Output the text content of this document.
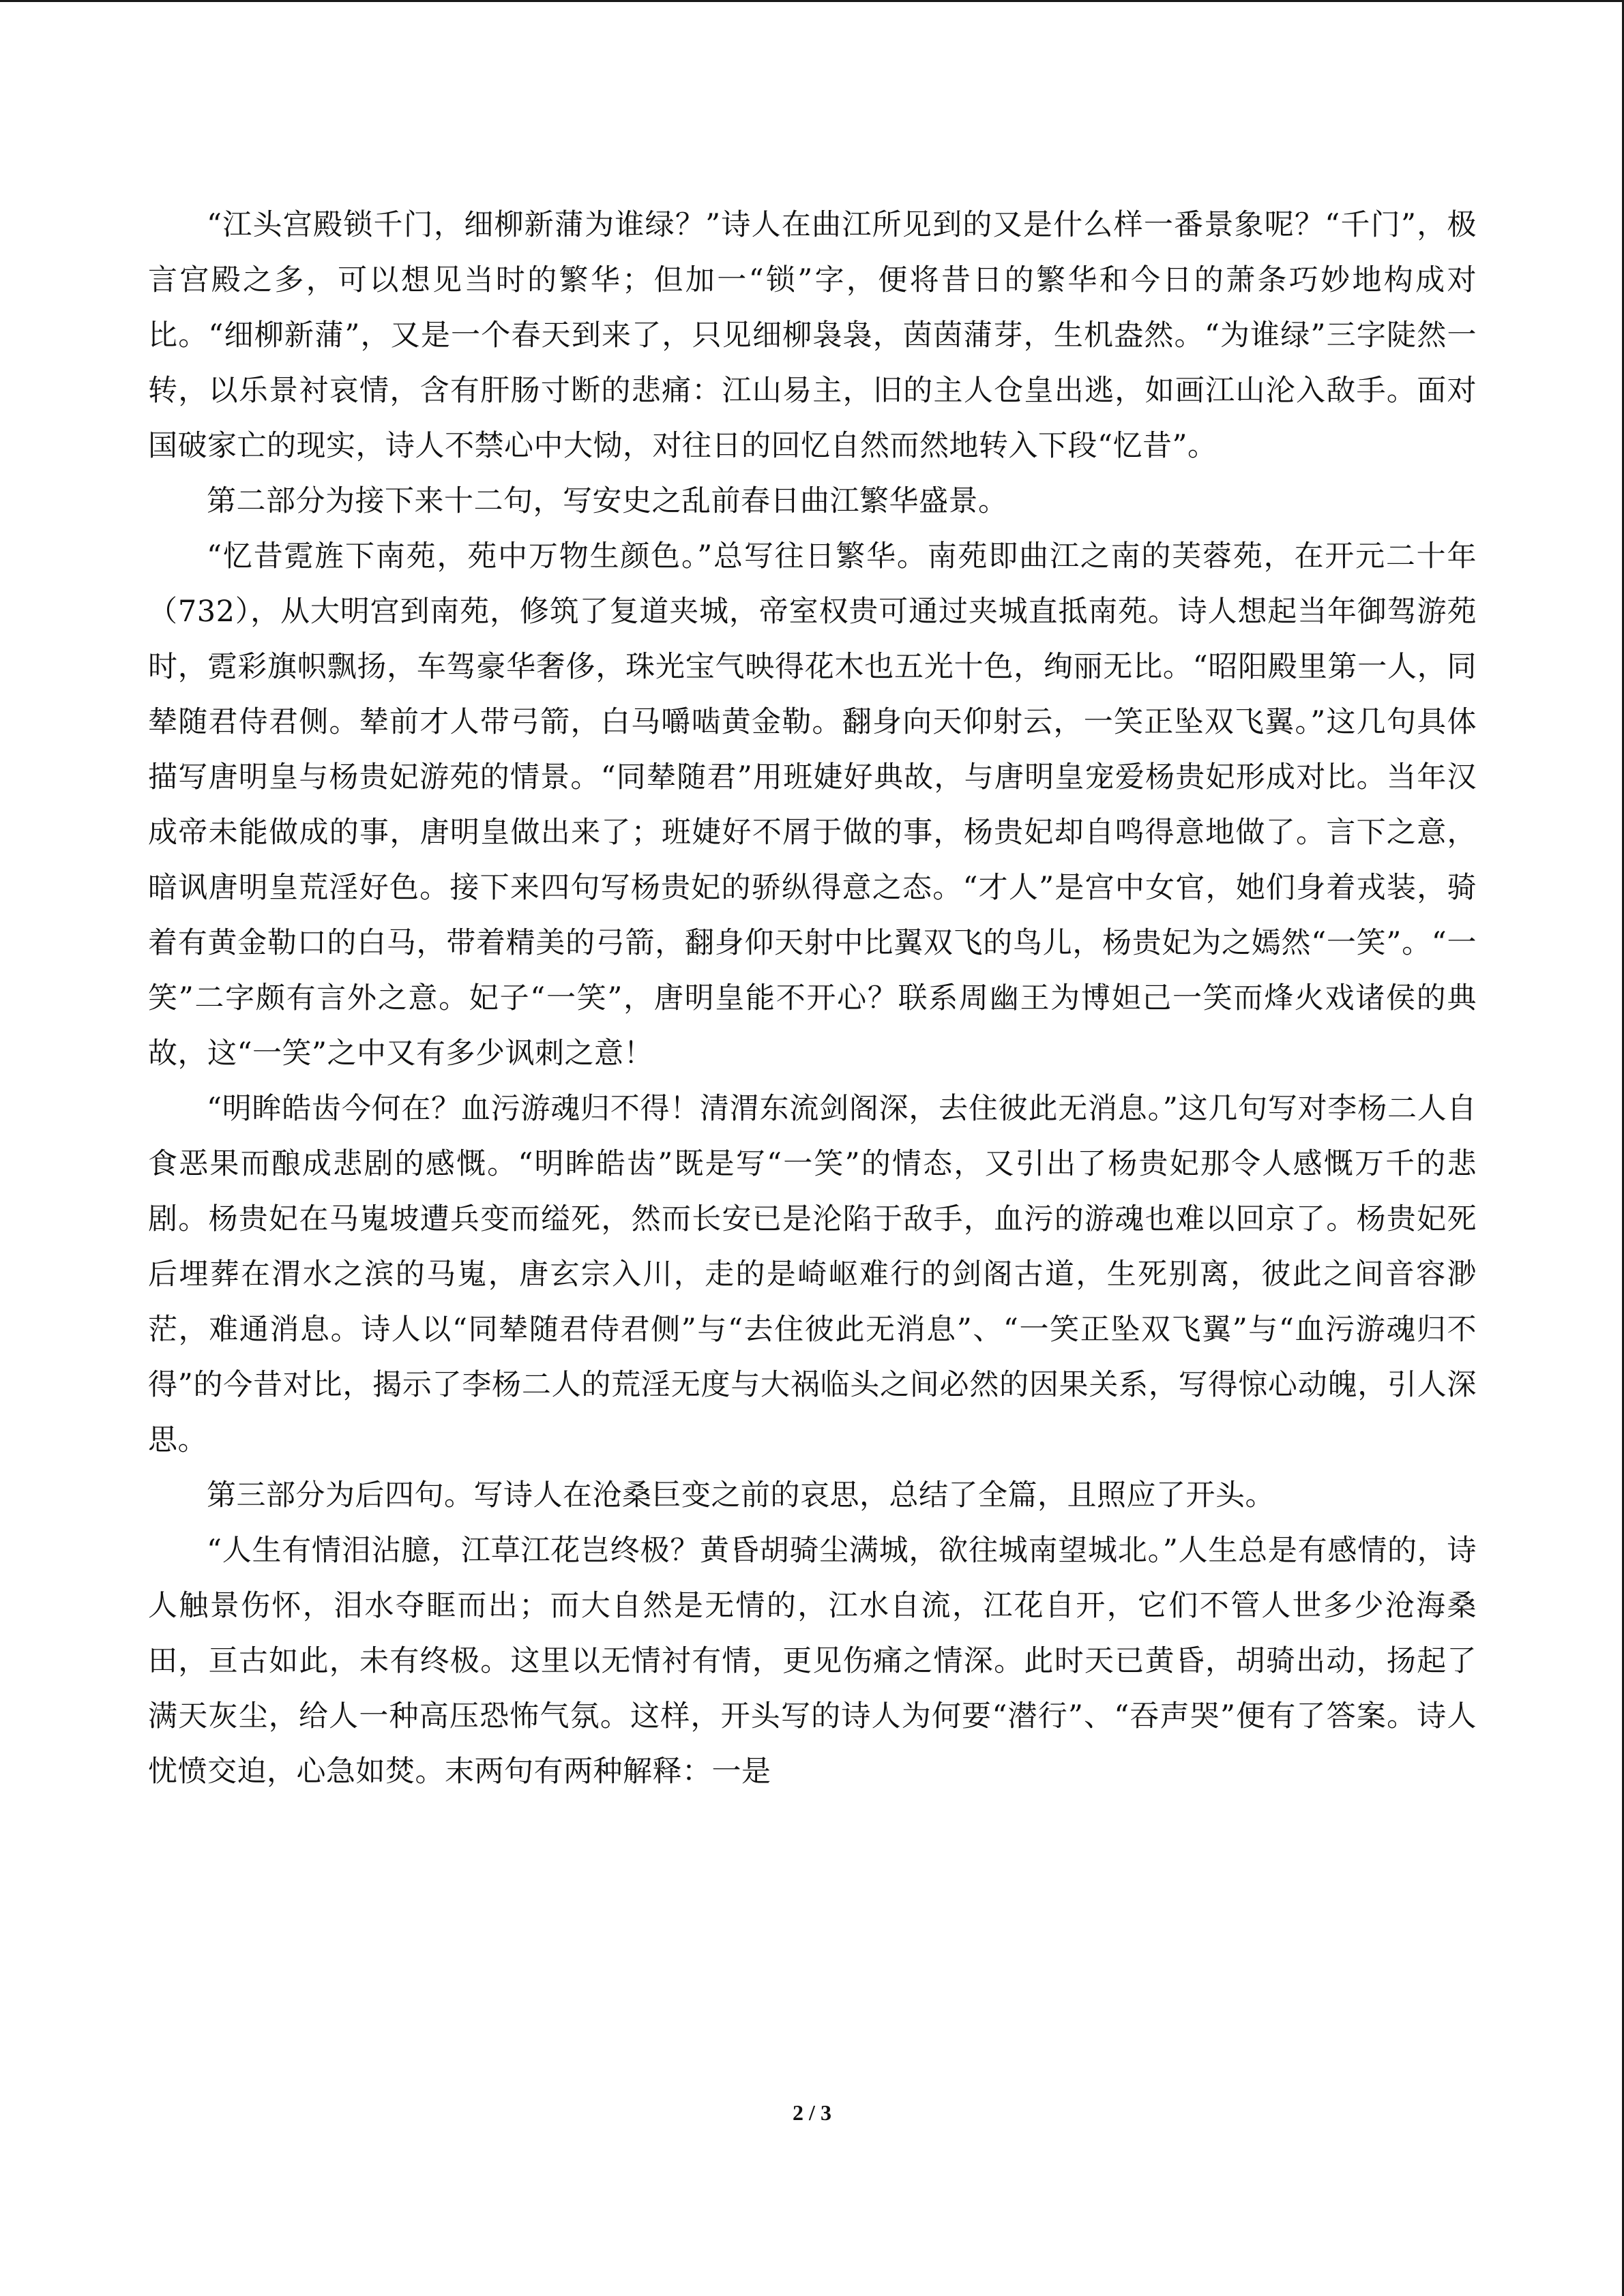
“江头宫殿锁千门，细柳新蒲为谁绿？”诗人在曲江所见到的又是什么样一番景象呢？“千门”，极言宫殿之多，可以想见当时的繁华；但加一“锁”字，便将昔日的繁华和今日的萧条巧妙地构成对比。“细柳新蒲”，又是一个春天到来了，只见细柳袅袅，茵茵蒲芽，生机盎然。“为谁绿”三字陡然一转，以乐景衬哀情，含有肝肠寸断的悲痛：江山易主，旧的主人仓皇出逃，如画江山沦入敌手。面对国破家亡的现实，诗人不禁心中大恸，对往日的回忆自然而然地转入下段“忆昔”。

第二部分为接下来十二句，写安史之乱前春日曲江繁华盛景。

“忆昔霓旌下南苑，苑中万物生颜色。”总写往日繁华。南苑即曲江之南的芙蓉苑，在开元二十年（732），从大明宫到南苑，修筑了复道夹城，帝室权贵可通过夹城直抵南苑。诗人想起当年御驾游苑时，霓彩旗帜飘扬，车驾豪华奢侈，珠光宝气映得花木也五光十色，绚丽无比。“昭阳殿里第一人，同辇随君侍君侧。辇前才人带弓箭，白马嚼啮黄金勒。翻身向天仰射云，一笑正坠双飞翼。”这几句具体描写唐明皇与杨贵妃游苑的情景。“同辇随君”用班婕好典故，与唐明皇宠爱杨贵妃形成对比。当年汉成帝未能做成的事，唐明皇做出来了；班婕好不屑于做的事，杨贵妃却自鸣得意地做了。言下之意，暗讽唐明皇荒淫好色。接下来四句写杨贵妃的骄纵得意之态。“才人”是宫中女官，她们身着戎装，骑着有黄金勒口的白马，带着精美的弓箭，翻身仰天射中比翼双飞的鸟儿，杨贵妃为之嫣然“一笑”。“一笑”二字颇有言外之意。妃子“一笑”，唐明皇能不开心？联系周幽王为博妲己一笑而烽火戏诸侯的典故，这“一笑”之中又有多少讽刺之意！

“明眸皓齿今何在？血污游魂归不得！清渭东流剑阁深，去住彼此无消息。”这几句写对李杨二人自食恶果而酿成悲剧的感慨。“明眸皓齿”既是写“一笑”的情态，又引出了杨贵妃那令人感慨万千的悲剧。杨贵妃在马嵬坡遭兵变而缢死，然而长安已是沦陷于敌手，血污的游魂也难以回京了。杨贵妃死后埋葬在渭水之滨的马嵬，唐玄宗入川，走的是崎岖难行的剑阁古道，生死别离，彼此之间音容渺茫，难通消息。诗人以“同辇随君侍君侧”与“去住彼此无消息”、“一笑正坠双飞翼”与“血污游魂归不得”的今昔对比，揭示了李杨二人的荒淫无度与大祸临头之间必然的因果关系，写得惊心动魄，引人深思。

第三部分为后四句。写诗人在沧桑巨变之前的哀思，总结了全篇，且照应了开头。

“人生有情泪沾臆，江草江花岂终极？黄昏胡骑尘满城，欲往城南望城北。”人生总是有感情的，诗人触景伤怀，泪水夺眶而出；而大自然是无情的，江水自流，江花自开，它们不管人世多少沧海桑田，亘古如此，未有终极。这里以无情衬有情，更见伤痛之情深。此时天已黄昏，胡骑出动，扬起了满天灰尘，给人一种高压恐怖气氛。这样，开头写的诗人为何要“潜行”、“吞声哭”便有了答案。诗人忧愤交迫，心急如焚。末两句有两种解释：一是

2 / 3
